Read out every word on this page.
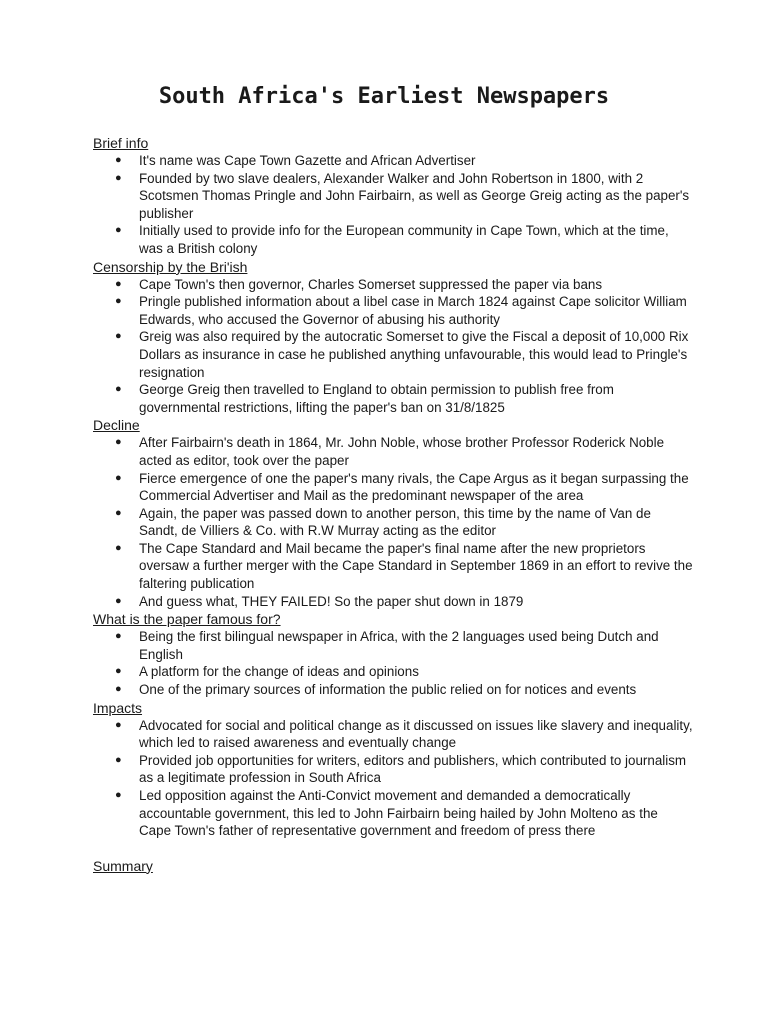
South Africa's Earliest Newspapers
Brief info
● It's name was Cape Town Gazette and African Advertiser
● Founded by two slave dealers, Alexander Walker and John Robertson in 1800, with 2 Scotsmen Thomas Pringle and John Fairbairn, as well as George Greig acting as the paper's publisher
● Initially used to provide info for the European community in Cape Town, which at the time, was a British colony
Censorship by the Bri'ish
● Cape Town's then governor, Charles Somerset suppressed the paper via bans
● Pringle published information about a libel case in March 1824 against Cape solicitor William Edwards, who accused the Governor of abusing his authority
● Greig was also required by the autocratic Somerset to give the Fiscal a deposit of 10,000 Rix Dollars as insurance in case he published anything unfavourable, this would lead to Pringle's resignation
● George Greig then travelled to England to obtain permission to publish free from governmental restrictions, lifting the paper's ban on 31/8/1825
Decline
● After Fairbairn's death in 1864, Mr. John Noble, whose brother Professor Roderick Noble acted as editor, took over the paper
● Fierce emergence of one the paper's many rivals, the Cape Argus as it began surpassing the Commercial Advertiser and Mail as the predominant newspaper of the area
● Again, the paper was passed down to another person, this time by the name of Van de Sandt, de Villiers & Co. with R.W Murray acting as the editor
● The Cape Standard and Mail became the paper's final name after the new proprietors oversaw a further merger with the Cape Standard in September 1869 in an effort to revive the faltering publication
● And guess what, THEY FAILED! So the paper shut down in 1879
What is the paper famous for?
● Being the first bilingual newspaper in Africa, with the 2 languages used being Dutch and English
● A platform for the change of ideas and opinions
● One of the primary sources of information the public relied on for notices and events
Impacts
● Advocated for social and political change as it discussed on issues like slavery and inequality, which led to raised awareness and eventually change
● Provided job opportunities for writers, editors and publishers, which contributed to journalism as a legitimate profession in South Africa
● Led opposition against the Anti-Convict movement and demanded a democratically accountable government, this led to John Fairbairn being hailed by John Molteno as the Cape Town's father of representative government and freedom of press there
Summary
